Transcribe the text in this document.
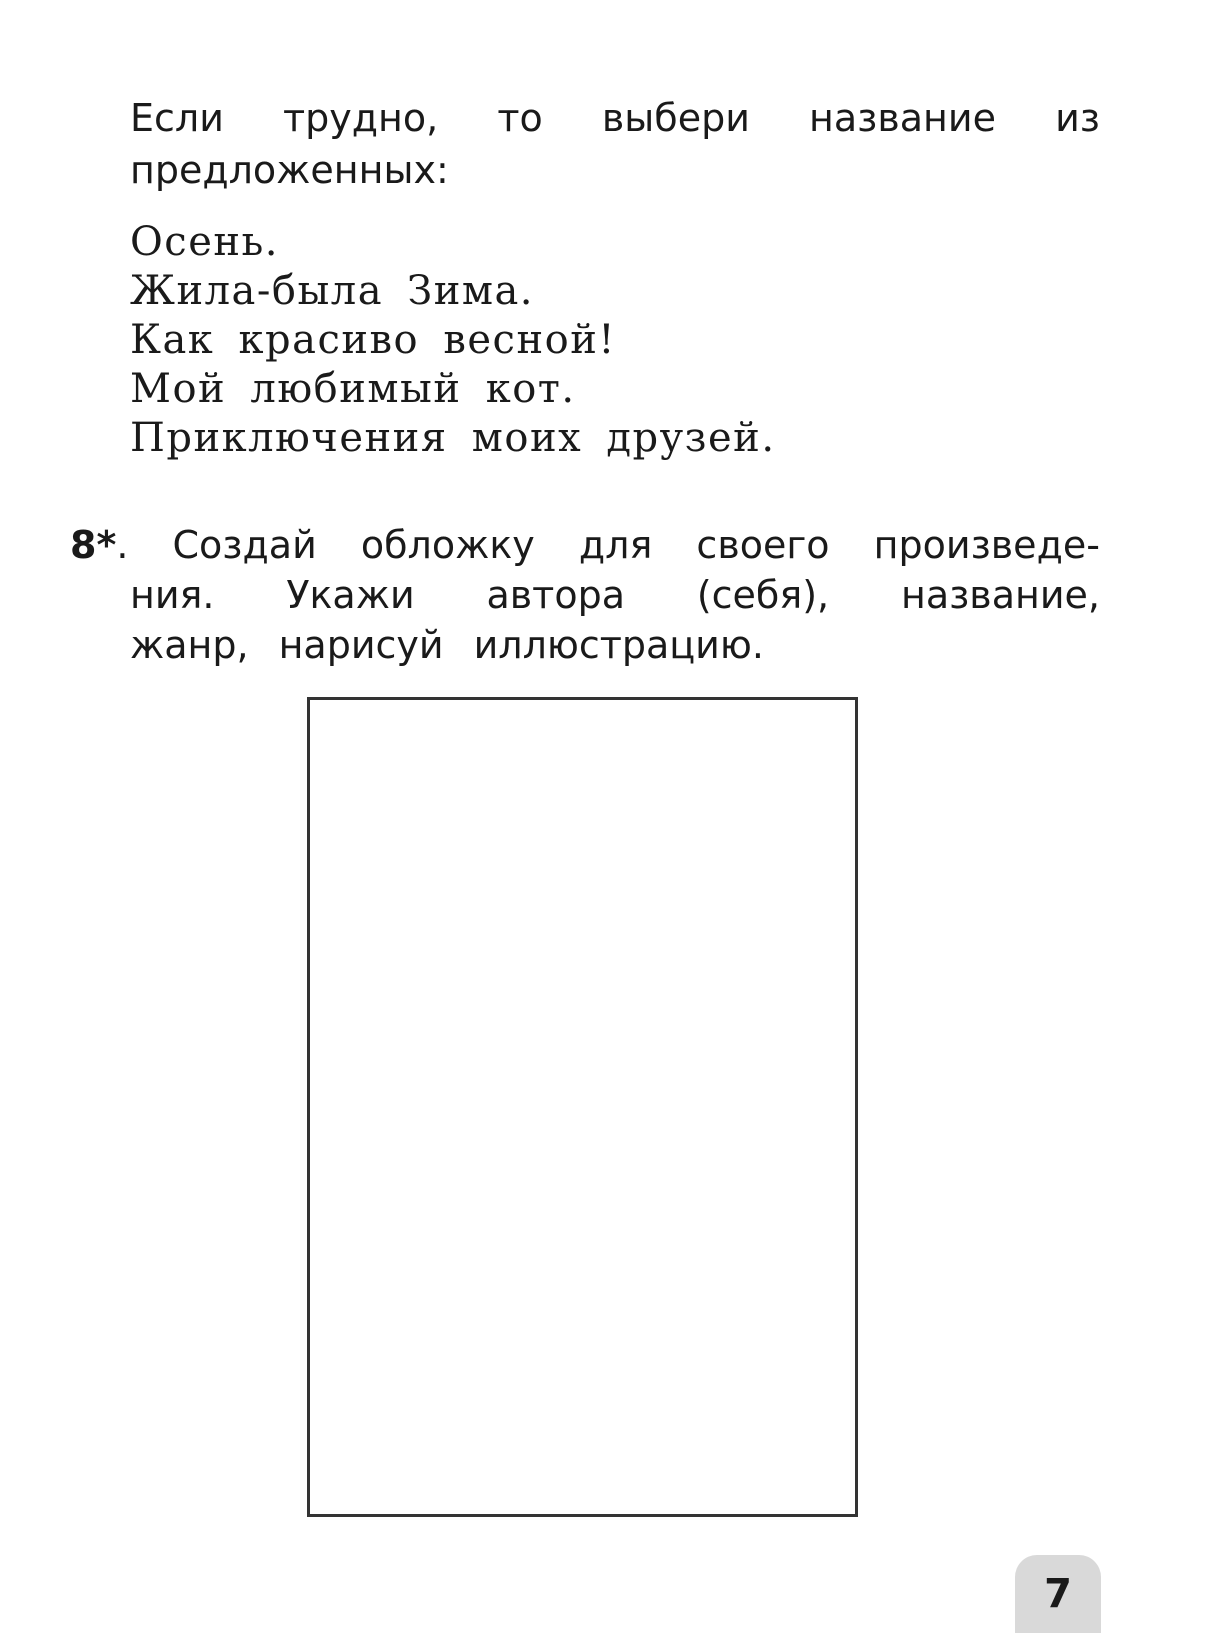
Если трудно, то выбери название из
предложенных:
Осень.
Жила-была Зима.
Как красиво весной!
Мой любимый кот.
Приключения моих друзей.
8*. Создай обложку для своего произведе-
ния. Укажи автора (себя), название,
жанр, нарисуй иллюстрацию.
7
